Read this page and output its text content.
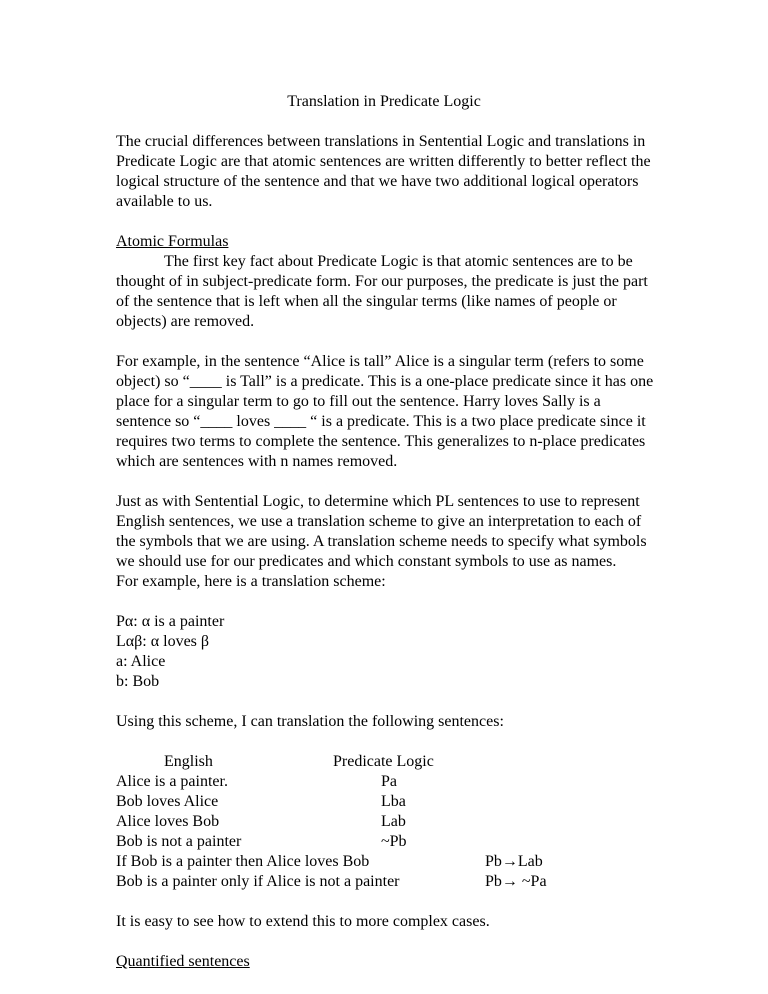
Translation in Predicate Logic

The crucial differences between translations in Sentential Logic and translations in Predicate Logic are that atomic sentences are written differently to better reflect the logical structure of the sentence and that we have two additional logical operators available to us.

Atomic Formulas

The first key fact about Predicate Logic is that atomic sentences are to be thought of in subject-predicate form. For our purposes, the predicate is just the part of the sentence that is left when all the singular terms (like names of people or objects) are removed.

For example, in the sentence “Alice is tall” Alice is a singular term (refers to some object) so “____ is Tall” is a predicate. This is a one-place predicate since it has one place for a singular term to go to fill out the sentence. Harry loves Sally is a sentence so “____ loves ____ “ is a predicate. This is a two place predicate since it requires two terms to complete the sentence. This generalizes to n-place predicates which are sentences with n names removed.

Just as with Sentential Logic, to determine which PL sentences to use to represent English sentences, we use a translation scheme to give an interpretation to each of the symbols that we are using. A translation scheme needs to specify what symbols we should use for our predicates and which constant symbols to use as names.

For example, here is a translation scheme:
Pα: α is a painter
Lαβ: α loves β
a: Alice
b: Bob
Using this scheme, I can translation the following sentences:
English	Predicate Logic
Alice is a painter.	Pa
Bob loves Alice	Lba
Alice loves Bob	Lab
Bob is not a painter	~Pb
If Bob is a painter then Alice loves Bob	Pb→Lab
Bob is a painter only if Alice is not a painter	Pb→ ~Pa
It is easy to see how to extend this to more complex cases.
Quantified sentences
